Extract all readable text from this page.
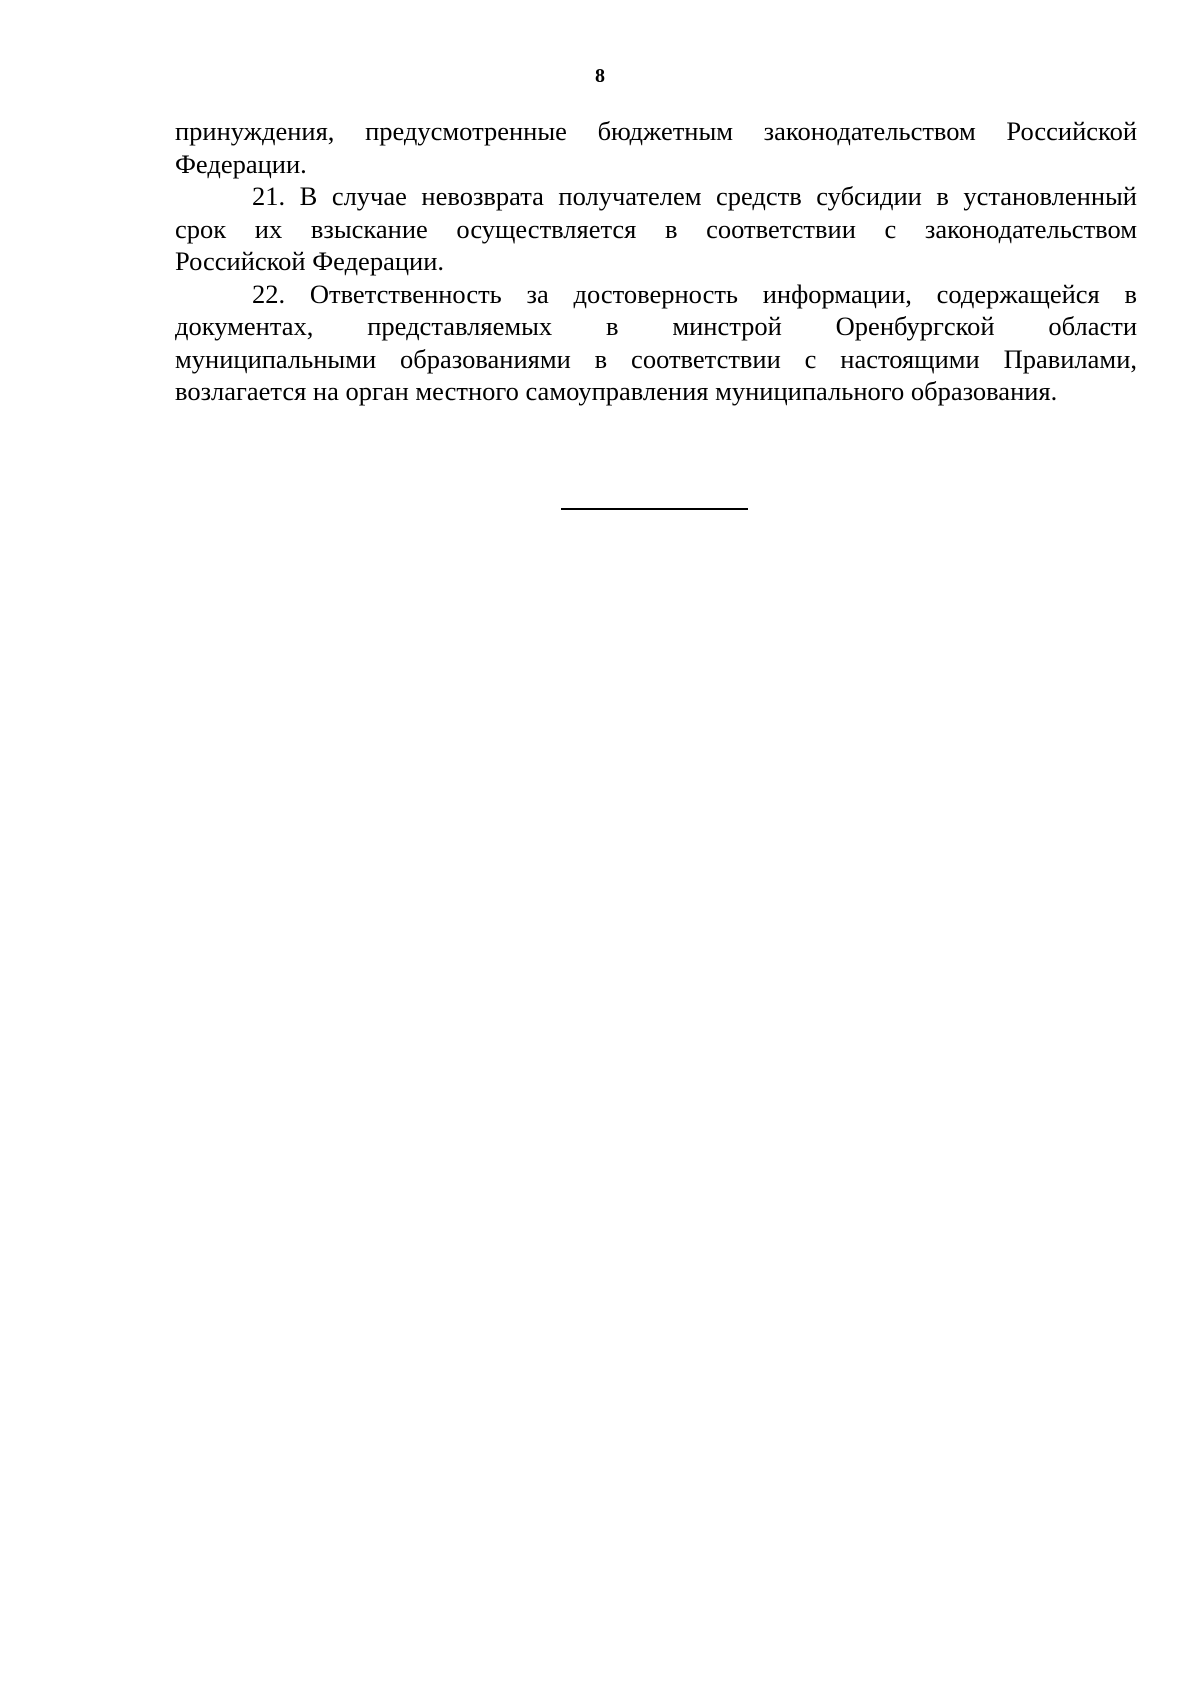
8

принуждения, предусмотренные бюджетным законодательством Российской
Федерации.

21. В случае невозврата получателем средств субсидии в установленный
срок их взыскание осуществляется в соответствии с законодательством
Российской Федерации.

22. Ответственность за достоверность информации, содержащейся в
документах, представляемых в минстрой Оренбургской области
муниципальными образованиями в соответствии с настоящими Правилами,
возлагается на орган местного самоуправления муниципального образования.
